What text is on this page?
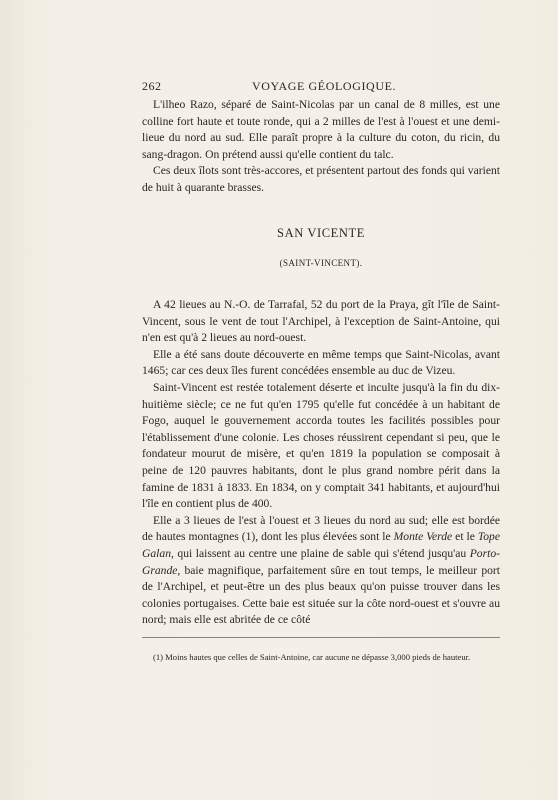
262	VOYAGE GÉOLOGIQUE.

L'ilheo Razo, séparé de Saint-Nicolas par un canal de 8 milles, est une colline fort haute et toute ronde, qui a 2 milles de l'est à l'ouest et une demi-lieue du nord au sud. Elle paraît propre à la culture du coton, du ricin, du sang-dragon. On prétend aussi qu'elle contient du talc.

Ces deux îlots sont très-accores, et présentent partout des fonds qui varient de huit à quarante brasses.

SAN VICENTE
(SAINT-VINCENT).

A 42 lieues au N.-O. de Tarrafal, 52 du port de la Praya, gît l'île de Saint-Vincent, sous le vent de tout l'Archipel, à l'exception de Saint-Antoine, qui n'en est qu'à 2 lieues au nord-ouest.

Elle a été sans doute découverte en même temps que Saint-Nicolas, avant 1465; car ces deux îles furent concédées ensemble au duc de Vizeu.

Saint-Vincent est restée totalement déserte et inculte jusqu'à la fin du dix-huitième siècle; ce ne fut qu'en 1795 qu'elle fut concédée à un habitant de Fogo, auquel le gouvernement accorda toutes les facilités possibles pour l'établissement d'une colonie. Les choses réussirent cependant si peu, que le fondateur mourut de misère, et qu'en 1819 la population se composait à peine de 120 pauvres habitants, dont le plus grand nombre périt dans la famine de 1831 à 1833. En 1834, on y comptait 341 habitants, et aujourd'hui l'île en contient plus de 400.

Elle a 3 lieues de l'est à l'ouest et 3 lieues du nord au sud; elle est bordée de hautes montagnes (1), dont les plus élevées sont le Monte Verde et le Tope Galan, qui laissent au centre une plaine de sable qui s'étend jusqu'au Porto-Grande, baie magnifique, parfaitement sûre en tout temps, le meilleur port de l'Archipel, et peut-être un des plus beaux qu'on puisse trouver dans les colonies portugaises. Cette baie est située sur la côte nord-ouest et s'ouvre au nord; mais elle est abritée de ce côté

(1) Moins hautes que celles de Saint-Antoine, car aucune ne dépasse 3,000 pieds de hauteur.
